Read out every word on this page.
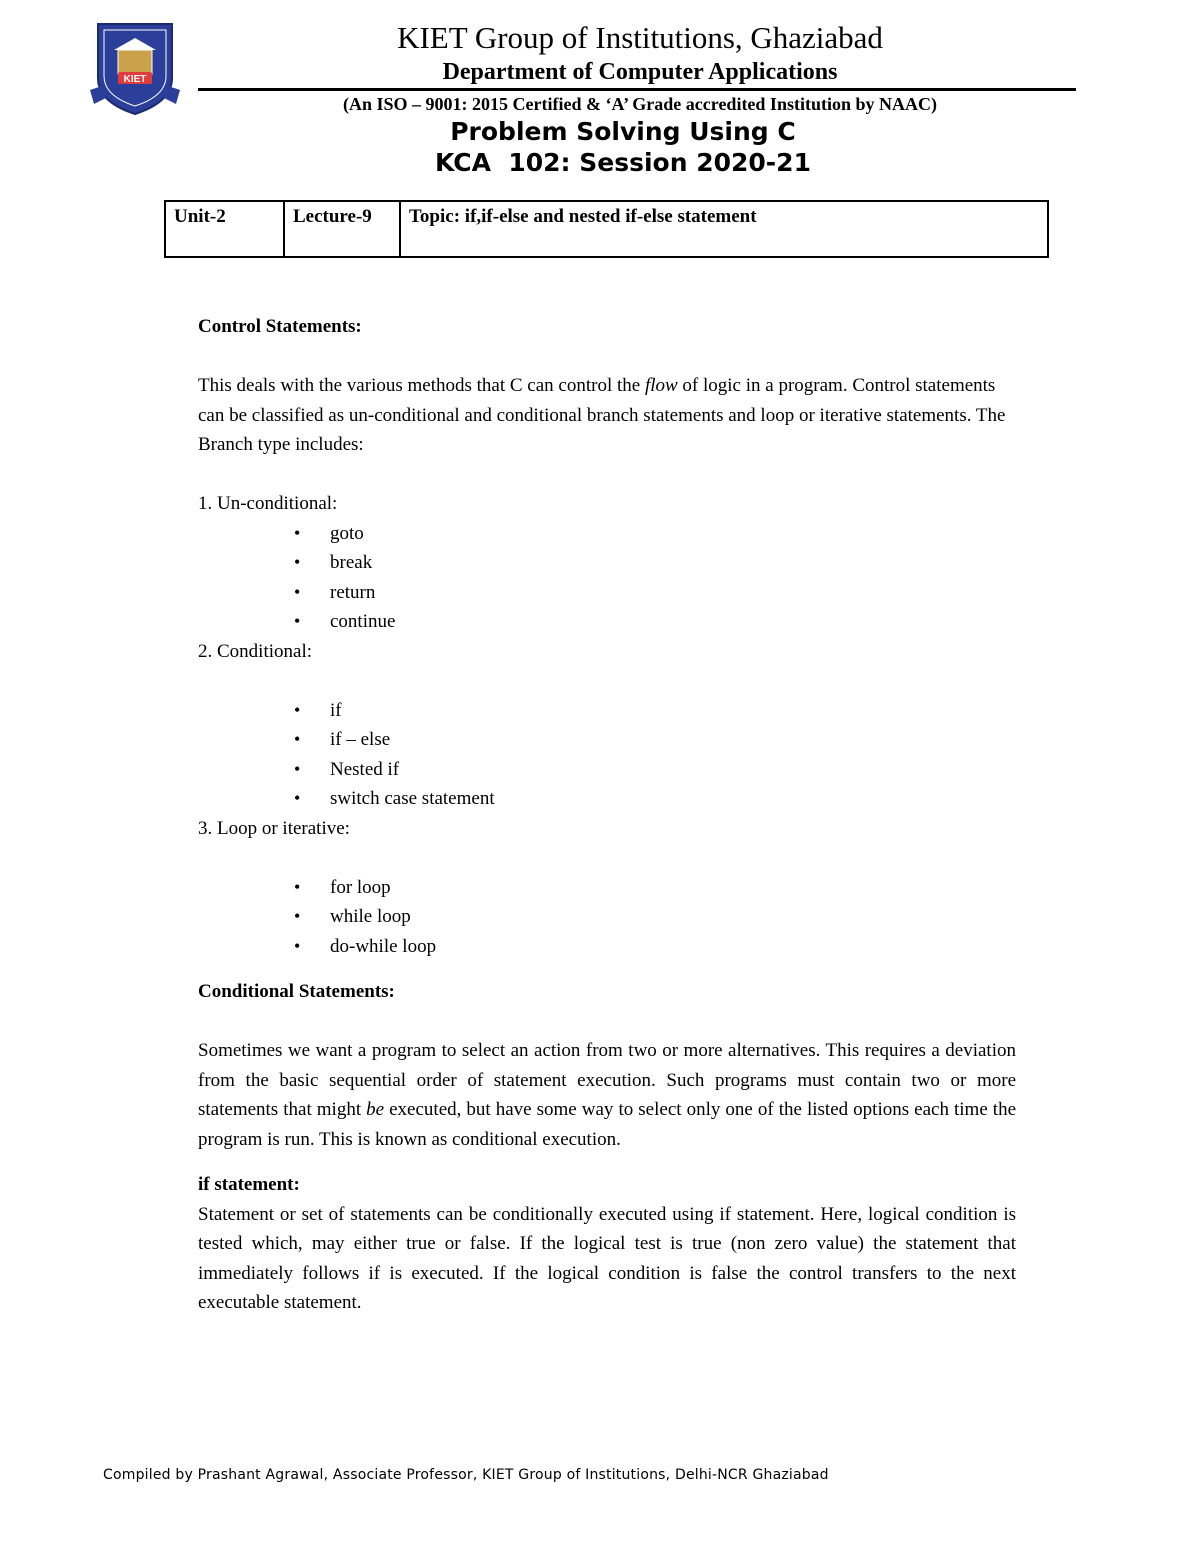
KIET
KIET Group of Institutions, Ghaziabad
Department of Computer Applications
(An ISO – 9001: 2015 Certified & ‘A’ Grade accredited Institution by NAAC)
Problem Solving Using C
KCA  102: Session 2020-21
Unit-2	Lecture-9	Topic: if,if-else and nested if-else statement

Control Statements:

This deals with the various methods that C can control the flow of logic in a program. Control statements can be classified as un-conditional and conditional branch statements and loop or iterative statements. The Branch type includes:

1. Un-conditional:

• goto
• break
• return
• continue

2. Conditional:

• if
• if – else
• Nested if
• switch case statement

3. Loop or iterative:

• for loop
• while loop
• do-while loop

Conditional Statements:

Sometimes we want a program to select an action from two or more alternatives. This requires a deviation from the basic sequential order of statement execution. Such programs must contain two or more statements that might be executed, but have some way to select only one of the listed options each time the program is run. This is known as conditional execution.

if statement:

Statement or set of statements can be conditionally executed using if statement. Here, logical condition is tested which, may either true or false. If the logical test is true (non zero value) the statement that immediately follows if is executed. If the logical condition is false the control transfers to the next executable statement.

Compiled by Prashant Agrawal, Associate Professor, KIET Group of Institutions, Delhi-NCR Ghaziabad
